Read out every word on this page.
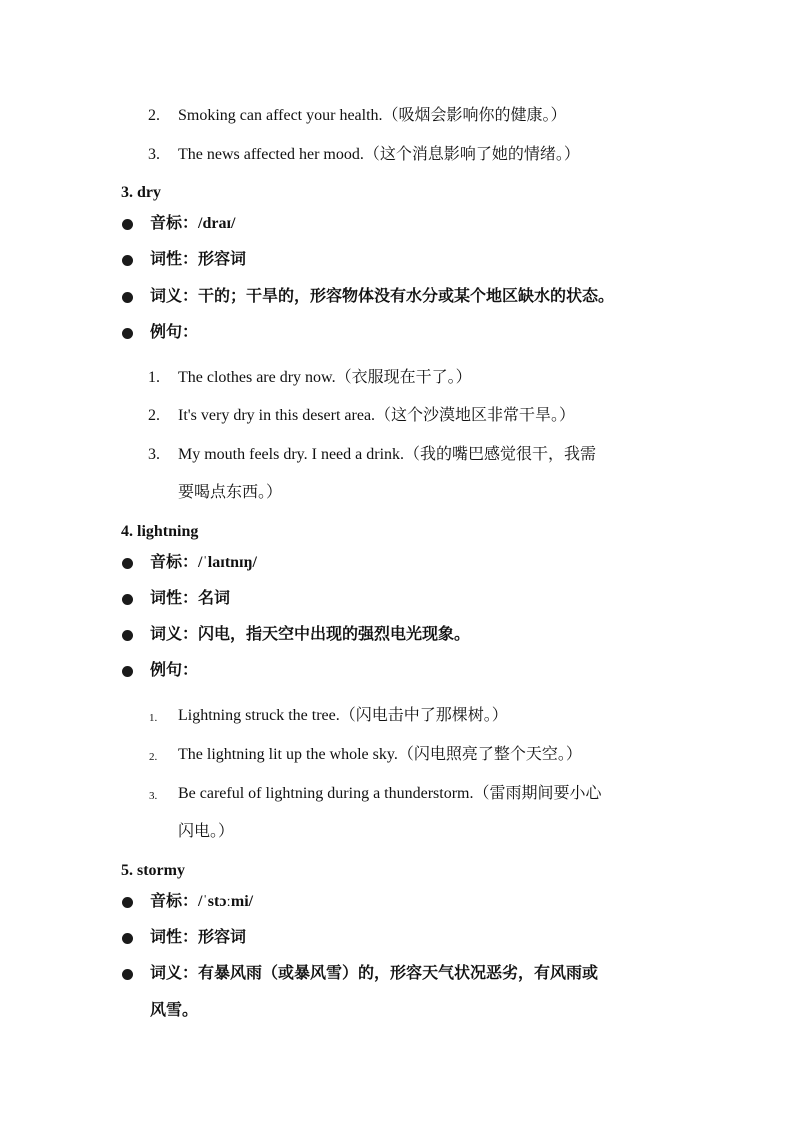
2. Smoking can affect your health.（吸烟会影响你的健康。）
3. The news affected her mood.（这个消息影响了她的情绪。）
3. dry
音标：/draɪ/
词性：形容词
词义：干的；干旱的，形容物体没有水分或某个地区缺水的状态。
例句：
1. The clothes are dry now.（衣服现在干了。）
2. It's very dry in this desert area.（这个沙漠地区非常干旱。）
3. My mouth feels dry. I need a drink.（我的嘴巴感觉很干，我需
要喝点东西。）
4. lightning
音标：/ˈlaɪtnɪŋ/
词性：名词
词义：闪电，指天空中出现的强烈电光现象。
例句：
1. Lightning struck the tree.（闪电击中了那棵树。）
2. The lightning lit up the whole sky.（闪电照亮了整个天空。）
3. Be careful of lightning during a thunderstorm.（雷雨期间要小心
闪电。）
5. stormy
音标：/ˈstɔːmi/
词性：形容词
词义：有暴风雨（或暴风雪）的，形容天气状况恶劣，有风雨或
风雪。
